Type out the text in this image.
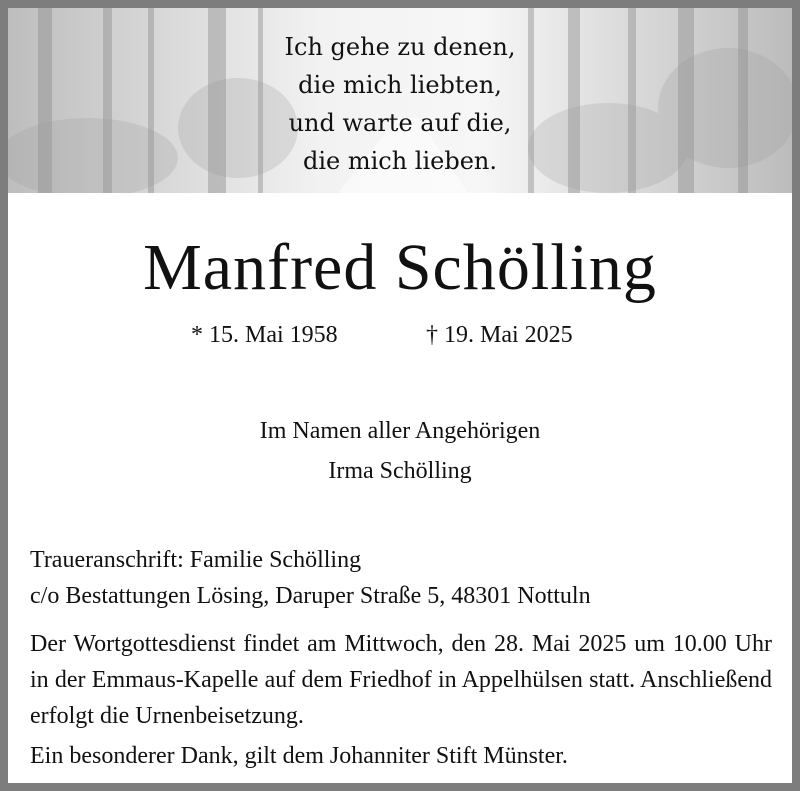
Ich gehe zu denen,
die mich liebten,
und warte auf die,
die mich lieben.
Manfred Schölling
* 15. Mai 1958	† 19. Mai 2025
Im Namen aller Angehörigen
Irma Schölling
Traueranschrift: Familie Schölling
c/o Bestattungen Lösing, Daruper Straße 5, 48301 Nottuln
Der Wortgottesdienst findet am Mittwoch, den 28. Mai 2025 um 10.00 Uhr in der Emmaus-Kapelle auf dem Friedhof in Appelhülsen statt. Anschließend erfolgt die Urnenbeisetzung.
Ein besonderer Dank, gilt dem Johanniter Stift Münster.
